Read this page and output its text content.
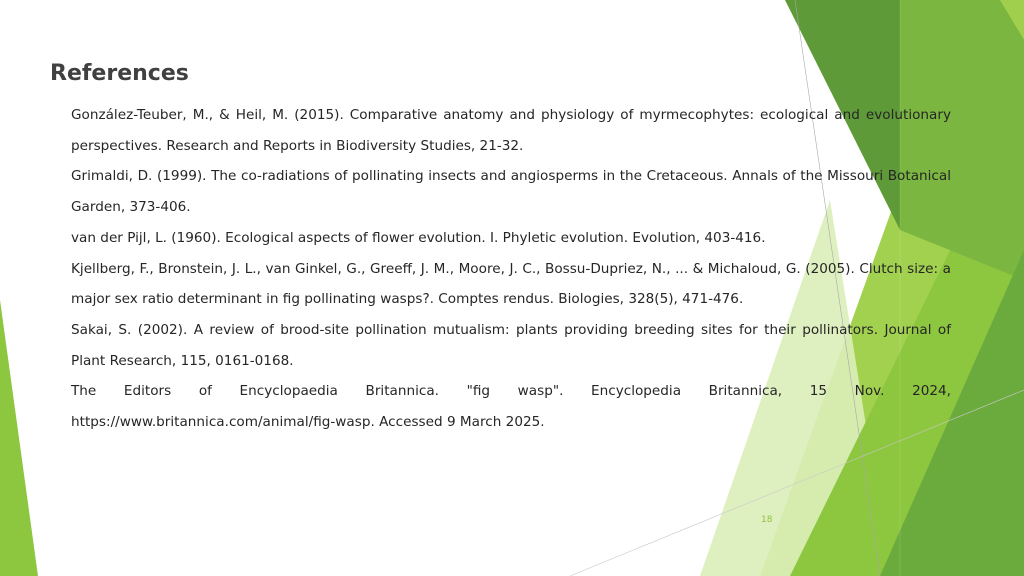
References

González-Teuber, M., & Heil, M. (2015). Comparative anatomy and physiology of myrmecophytes: ecological and evolutionary perspectives. Research and Reports in Biodiversity Studies, 21-32.

Grimaldi, D. (1999). The co-radiations of pollinating insects and angiosperms in the Cretaceous. Annals of the Missouri Botanical Garden, 373-406.

van der Pijl, L. (1960). Ecological aspects of flower evolution. I. Phyletic evolution. Evolution, 403-416.

Kjellberg, F., Bronstein, J. L., van Ginkel, G., Greeff, J. M., Moore, J. C., Bossu-Dupriez, N., ... & Michaloud, G. (2005). Clutch size: a major sex ratio determinant in fig pollinating wasps?. Comptes rendus. Biologies, 328(5), 471-476.

Sakai, S. (2002). A review of brood-site pollination mutualism: plants providing breeding sites for their pollinators. Journal of Plant Research, 115, 0161-0168.

The Editors of Encyclopaedia Britannica. "fig wasp". Encyclopedia Britannica, 15 Nov. 2024, https://www.britannica.com/animal/fig-wasp. Accessed 9 March 2025.

18
